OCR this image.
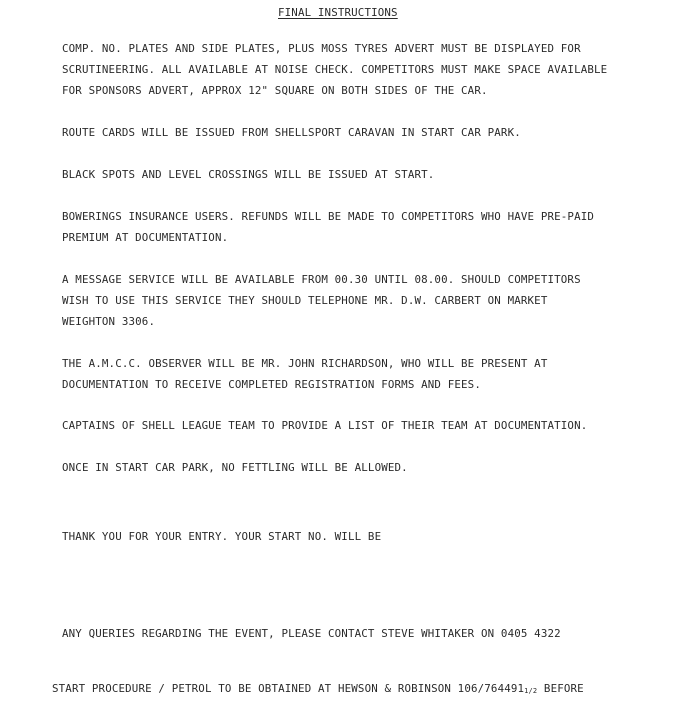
FINAL INSTRUCTIONS
COMP. NO. PLATES AND SIDE PLATES, PLUS MOSS TYRES ADVERT MUST BE DISPLAYED FOR
SCRUTINEERING. ALL AVAILABLE AT NOISE CHECK. COMPETITORS MUST MAKE SPACE AVAILABLE
FOR SPONSORS ADVERT, APPROX 12" SQUARE ON BOTH SIDES OF THE CAR.
ROUTE CARDS WILL BE ISSUED FROM SHELLSPORT CARAVAN IN START CAR PARK.
BLACK SPOTS AND LEVEL CROSSINGS WILL BE ISSUED AT START.
BOWERINGS INSURANCE USERS. REFUNDS WILL BE MADE TO COMPETITORS WHO HAVE PRE-PAID
PREMIUM AT DOCUMENTATION.
A MESSAGE SERVICE WILL BE AVAILABLE FROM 00.30 UNTIL 08.00. SHOULD COMPETITORS
WISH TO USE THIS SERVICE THEY SHOULD TELEPHONE MR. D.W. CARBERT ON MARKET
WEIGHTON 3306.
THE A.M.C.C. OBSERVER WILL BE MR. JOHN RICHARDSON, WHO WILL BE PRESENT AT
DOCUMENTATION TO RECEIVE COMPLETED REGISTRATION FORMS AND FEES.
CAPTAINS OF SHELL LEAGUE TEAM TO PROVIDE A LIST OF THEIR TEAM AT DOCUMENTATION.
ONCE IN START CAR PARK, NO FETTLING WILL BE ALLOWED.
THANK YOU FOR YOUR ENTRY. YOUR START NO. WILL BE
ANY QUERIES REGARDING THE EVENT, PLEASE CONTACT STEVE WHITAKER ON 0405 4322
START PROCEDURE / PETROL TO BE OBTAINED AT HEWSON & ROBINSON 106/7644911/2 BEFORE
